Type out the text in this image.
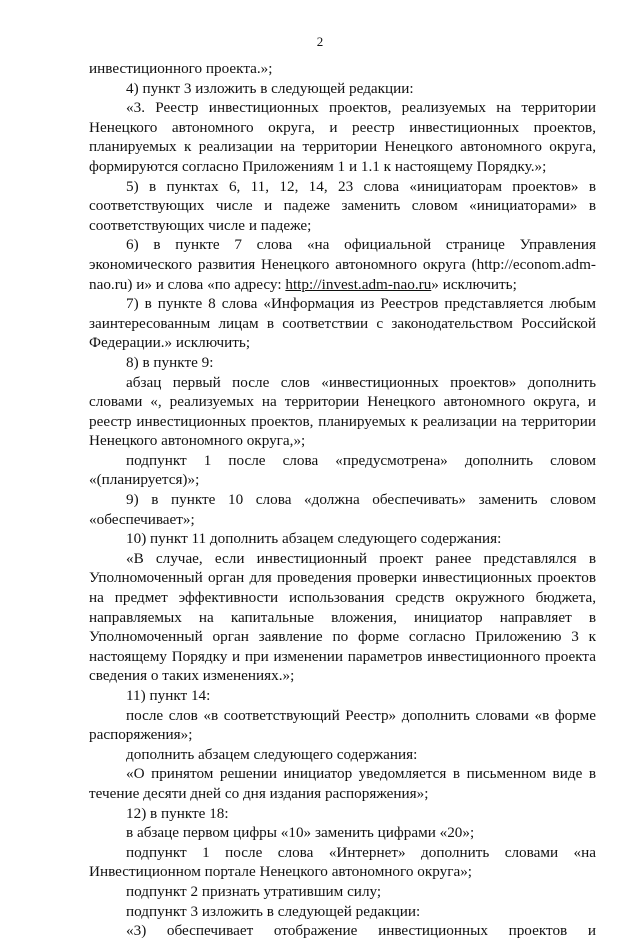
2

инвестиционного проекта.»;

4) пункт 3 изложить в следующей редакции:

«3. Реестр инвестиционных проектов, реализуемых на территории Ненецкого автономного округа, и реестр инвестиционных проектов, планируемых к реализации на территории Ненецкого автономного округа, формируются согласно Приложениям 1 и 1.1 к настоящему Порядку.»;

5) в пунктах 6, 11, 12, 14, 23 слова «инициаторам проектов» в соответствующих числе и падеже заменить словом «инициаторами» в соответствующих числе и падеже;

6) в пункте 7 слова «на официальной странице Управления экономического развития Ненецкого автономного округа (http://econom.adm-nao.ru) и» и слова «по адресу: http://invest.adm-nao.ru» исключить;

7) в пункте 8 слова «Информация из Реестров представляется любым заинтересованным лицам в соответствии с законодательством Российской Федерации.» исключить;

8) в пункте 9:

абзац первый после слов «инвестиционных проектов» дополнить словами «, реализуемых на территории Ненецкого автономного округа, и реестр инвестиционных проектов, планируемых к реализации на территории Ненецкого автономного округа,»;

подпункт 1 после слова «предусмотрена» дополнить словом «(планируется)»;

9) в пункте 10 слова «должна обеспечивать» заменить словом «обеспечивает»;

10) пункт 11 дополнить абзацем следующего содержания:

«В случае, если инвестиционный проект ранее представлялся в Уполномоченный орган для проведения проверки инвестиционных проектов на предмет эффективности использования средств окружного бюджета, направляемых на капитальные вложения, инициатор направляет в Уполномоченный орган заявление по форме согласно Приложению 3 к настоящему Порядку и при изменении параметров инвестиционного проекта сведения о таких изменениях.»;

11) пункт 14:

после слов «в соответствующий Реестр» дополнить словами «в форме распоряжения»;

дополнить абзацем следующего содержания:

«О принятом решении инициатор уведомляется в письменном виде в течение десяти дней со дня издания распоряжения»;

12) в пункте 18:

в абзаце первом цифры «10» заменить цифрами «20»;

подпункт 1 после слова «Интернет» дополнить словами «на Инвестиционном портале Ненецкого автономного округа»;

подпункт 2 признать утратившим силу;

подпункт 3 изложить в следующей редакции:

«3) обеспечивает отображение инвестиционных проектов и
